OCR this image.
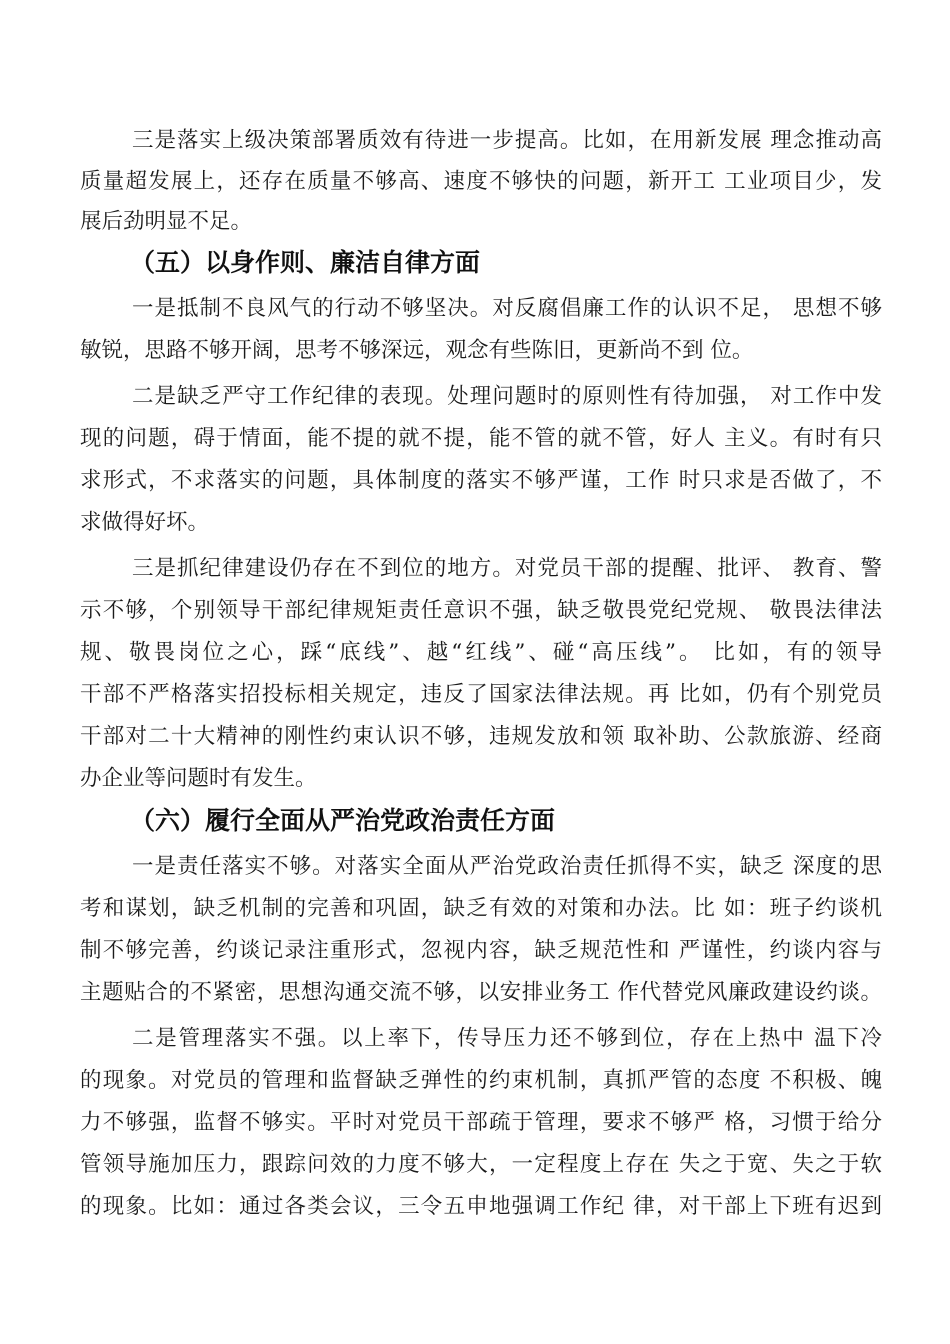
三是落实上级决策部署质效有待进一步提高。比如，在用新发展 理念推动高
质量超发展上，还存在质量不够高、速度不够快的问题，新开工 工业项目少，发
展后劲明显不足。
（五）以身作则、廉洁自律方面
一是抵制不良风气的行动不够坚决。对反腐倡廉工作的认识不足， 思想不够
敏锐，思路不够开阔，思考不够深远，观念有些陈旧，更新尚不到 位。
二是缺乏严守工作纪律的表现。处理问题时的原则性有待加强， 对工作中发
现的问题，碍于情面，能不提的就不提，能不管的就不管，好人 主义。有时有只
求形式，不求落实的问题，具体制度的落实不够严谨，工作 时只求是否做了，不
求做得好坏。
三是抓纪律建设仍存在不到位的地方。对党员干部的提醒、批评、 教育、警
示不够，个别领导干部纪律规矩责任意识不强，缺乏敬畏党纪党规、 敬畏法律法
规、敬畏岗位之心，踩“底线”、越“红线”、碰“高压线”。 比如，有的领导
干部不严格落实招投标相关规定，违反了国家法律法规。再 比如，仍有个别党员
干部对二十大精神的刚性约束认识不够，违规发放和领 取补助、公款旅游、经商
办企业等问题时有发生。
（六）履行全面从严治党政治责任方面
一是责任落实不够。对落实全面从严治党政治责任抓得不实，缺乏 深度的思
考和谋划，缺乏机制的完善和巩固，缺乏有效的对策和办法。比 如：班子约谈机
制不够完善，约谈记录注重形式，忽视内容，缺乏规范性和 严谨性，约谈内容与
主题贴合的不紧密，思想沟通交流不够，以安排业务工 作代替党风廉政建设约谈。
二是管理落实不强。以上率下，传导压力还不够到位，存在上热中 温下冷
的现象。对党员的管理和监督缺乏弹性的约束机制，真抓严管的态度 不积极、魄
力不够强，监督不够实。平时对党员干部疏于管理，要求不够严 格，习惯于给分
管领导施加压力，跟踪问效的力度不够大，一定程度上存在 失之于宽、失之于软
的现象。比如：通过各类会议，三令五申地强调工作纪 律，对干部上下班有迟到
